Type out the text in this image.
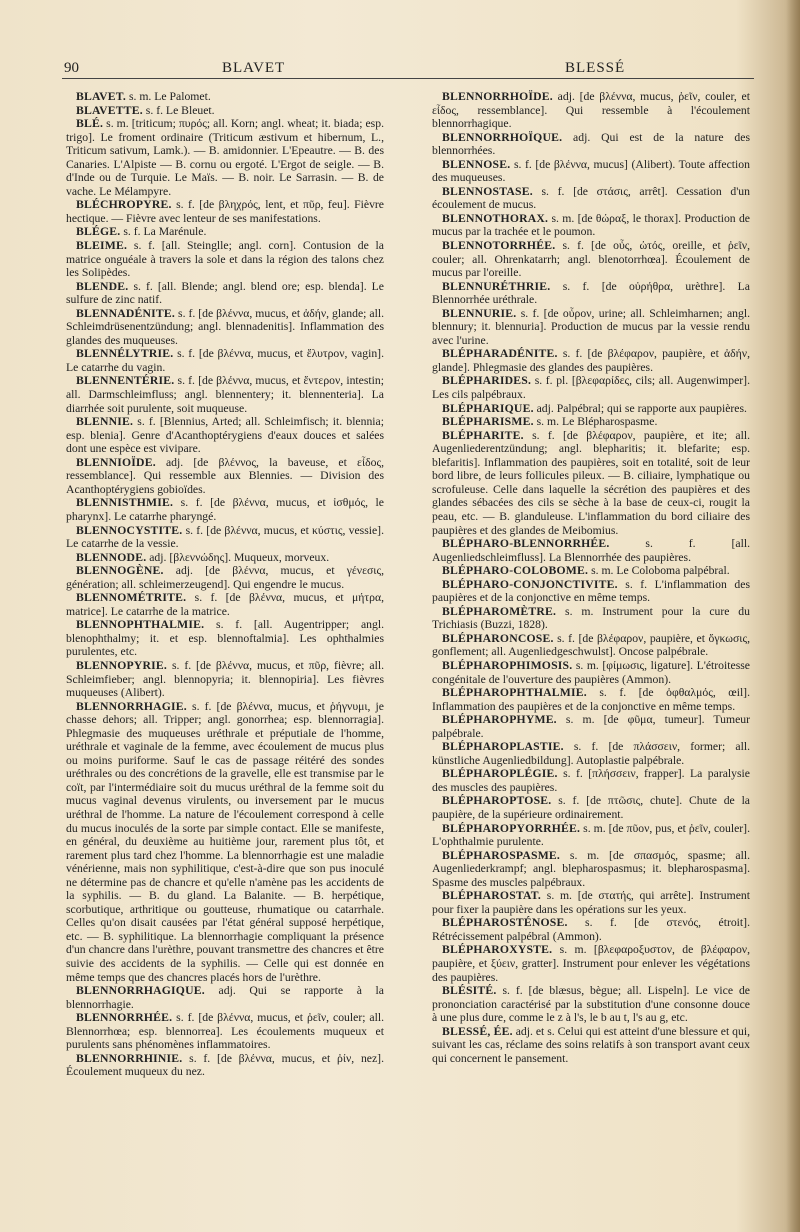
90	BLAVET	BLESSÉ

BLAVET. s. m. Le Palomet.

BLAVETTE. s. f. Le Bleuet.

BLÉ. s. m. [triticum; πυρός; all. Korn; angl. wheat; it. biada; esp. trigo]. Le froment ordinaire (Triticum æstivum et hibernum, L., Triticum sativum, Lamk.). — B. amidonnier. L'Epeautre. — B. des Canaries. L'Alpiste — B. cornu ou ergoté. L'Ergot de seigle. — B. d'Inde ou de Turquie. Le Maïs. — B. noir. Le Sarrasin. — B. de vache. Le Mélampyre.

BLÉCHROPYRE. s. f. [de βληχρός, lent, et πῦρ, feu]. Fièvre hectique. — Fièvre avec lenteur de ses manifestations.

BLÉGE. s. f. La Marénule.

BLEIME. s. f. [all. Steinglle; angl. corn]. Contusion de la matrice onguéale à travers la sole et dans la région des talons chez les Solipèdes.

BLENDE. s. f. [all. Blende; angl. blend ore; esp. blenda]. Le sulfure de zinc natif.

BLENNADÉNITE. s. f. [de βλέννα, mucus, et ἀδήν, glande; all. Schleimdrüsenentzündung; angl. blennadenitis]. Inflammation des glandes des muqueuses.

BLENNÉLYTRIE. s. f. [de βλέννα, mucus, et ἔλυτρον, vagin]. Le catarrhe du vagin.

BLENNENTÉRIE. s. f. [de βλέννα, mucus, et ἔντερον, intestin; all. Darmschleimfluss; angl. blennentery; it. blennenteria]. La diarrhée soit purulente, soit muqueuse.

BLENNIE. s. f. [Blennius, Arted; all. Schleimfisch; it. blennia; esp. blenia]. Genre d'Acanthoptérygiens d'eaux douces et salées dont une espèce est vivipare.

BLENNIOÏDE. adj. [de βλέννος, la baveuse, et εἶδος, ressemblance]. Qui ressemble aux Blennies. — Division des Acanthoptérygiens gobioïdes.

BLENNISTHMIE. s. f. [de βλέννα, mucus, et ἰσθμός, le pharynx]. Le catarrhe pharyngé.

BLENNOCYSTITE. s. f. [de βλέννα, mucus, et κύστις, vessie]. Le catarrhe de la vessie.

BLENNODE. adj. [βλεννώδης]. Muqueux, morveux.

BLENNOGÈNE. adj. [de βλέννα, mucus, et γένεσις, génération; all. schleimerzeugend]. Qui engendre le mucus.

BLENNOMÉTRITE. s. f. [de βλέννα, mucus, et μήτρα, matrice]. Le catarrhe de la matrice.

BLENNOPHTHALMIE. s. f. [all. Augentripper; angl. blenophthalmy; it. et esp. blennoftalmia]. Les ophthalmies purulentes, etc.

BLENNOPYRIE. s. f. [de βλέννα, mucus, et πῦρ, fièvre; all. Schleimfieber; angl. blennopyria; it. blennopiria]. Les fièvres muqueuses (Alibert).

BLENNORRHAGIE. s. f. [de βλέννα, mucus, et ῥήγνυμι, je chasse dehors; all. Tripper; angl. gonorrhea; esp. blennorragia]. Phlegmasie des muqueuses uréthrale et préputiale de l'homme, uréthrale et vaginale de la femme, avec écoulement de mucus plus ou moins puriforme. Sauf le cas de passage réitéré des sondes uréthrales ou des concrétions de la gravelle, elle est transmise par le coït, par l'intermédiaire soit du mucus uréthral de la femme soit du mucus vaginal devenus virulents, ou inversement par le mucus uréthral de l'homme. La nature de l'écoulement correspond à celle du mucus inoculés de la sorte par simple contact. Elle se manifeste, en général, du deuxième au huitième jour, rarement plus tôt, et rarement plus tard chez l'homme. La blennorrhagie est une maladie vénérienne, mais non syphilitique, c'est-à-dire que son pus inoculé ne détermine pas de chancre et qu'elle n'amène pas les accidents de la syphilis. — B. du gland. La Balanite. — B. herpétique, scorbutique, arthritique ou goutteuse, rhumatique ou catarrhale. Celles qu'on disait causées par l'état général supposé herpétique, etc. — B. syphilitique. La blennorrhagie compliquant la présence d'un chancre dans l'urèthre, pouvant transmettre des chancres et être suivie des accidents de la syphilis. — Celle qui est donnée en même temps que des chancres placés hors de l'urèthre.

BLENNORRHAGIQUE. adj. Qui se rapporte à la blennorrhagie.

BLENNORRHÉE. s. f. [de βλέννα, mucus, et ῥεῖν, couler; all. Blennorrhœa; esp. blennorrea]. Les écoulements muqueux et purulents sans phénomènes inflammatoires.

BLENNORRHINIE. s. f. [de βλέννα, mucus, et ῥίν, nez]. Écoulement muqueux du nez.

BLENNORRHOÏDE. adj. [de βλέννα, mucus, ῥεῖν, couler, et εἶδος, ressemblance]. Qui ressemble à l'écoulement blennorrhagique.

BLENNORRHOÏQUE. adj. Qui est de la nature des blennorrhées.

BLENNOSE. s. f. [de βλέννα, mucus] (Alibert). Toute affection des muqueuses.

BLENNOSTASE. s. f. [de στάσις, arrêt]. Cessation d'un écoulement de mucus.

BLENNOTHORAX. s. m. [de θώραξ, le thorax]. Production de mucus par la trachée et le poumon.

BLENNOTORRHÉE. s. f. [de οὖς, ὠτός, oreille, et ῥεῖν, couler; all. Ohrenkatarrh; angl. blenotorrhœa]. Écoulement de mucus par l'oreille.

BLENNURÉTHRIE. s. f. [de οὐρήθρα, urèthre]. La Blennorrhée uréthrale.

BLENNURIE. s. f. [de οὖρον, urine; all. Schleimharnen; angl. blennury; it. blennuria]. Production de mucus par la vessie rendu avec l'urine.

BLÉPHARADÉNITE. s. f. [de βλέφαρον, paupière, et ἀδήν, glande]. Phlegmasie des glandes des paupières.

BLÉPHARIDES. s. f. pl. [βλεφαρίδες, cils; all. Augenwimper]. Les cils palpébraux.

BLÉPHARIQUE. adj. Palpébral; qui se rapporte aux paupières.

BLÉPHARISME. s. m. Le Blépharospasme.

BLÉPHARITE. s. f. [de βλέφαρον, paupière, et ite; all. Augenliederentzündung; angl. blepharitis; it. blefarite; esp. blefaritis]. Inflammation des paupières, soit en totalité, soit de leur bord libre, de leurs follicules pileux. — B. ciliaire, lymphatique ou scrofuleuse. Celle dans laquelle la sécrétion des paupières et des glandes sébacées des cils se sèche à la base de ceux-ci, rougit la peau, etc. — B. glanduleuse. L'inflammation du bord ciliaire des paupières et des glandes de Meibomius.

BLÉPHARO-BLENNORRHÉE. s. f. [all. Augenliedschleimfluss]. La Blennorrhée des paupières.

BLÉPHARO-COLOBOME. s. m. Le Coloboma palpébral.

BLÉPHARO-CONJONCTIVITE. s. f. L'inflammation des paupières et de la conjonctive en même temps.

BLÉPHAROMÈTRE. s. m. Instrument pour la cure du Trichiasis (Buzzi, 1828).

BLÉPHARONCOSE. s. f. [de βλέφαρον, paupière, et ὄγκωσις, gonflement; all. Augenliedgeschwulst]. Oncose palpébrale.

BLÉPHAROPHIMOSIS. s. m. [φίμωσις, ligature]. L'étroitesse congénitale de l'ouverture des paupières (Ammon).

BLÉPHAROPHTHALMIE. s. f. [de ὀφθαλμός, œil]. Inflammation des paupières et de la conjonctive en même temps.

BLÉPHAROPHYME. s. m. [de φῦμα, tumeur]. Tumeur palpébrale.

BLÉPHAROPLASTIE. s. f. [de πλάσσειν, former; all. künstliche Augenliedbildung]. Autoplastie palpébrale.

BLÉPHAROPLÉGIE. s. f. [πλήσσειν, frapper]. La paralysie des muscles des paupières.

BLÉPHAROPTOSE. s. f. [de πτῶσις, chute]. Chute de la paupière, de la supérieure ordinairement.

BLÉPHAROPYORRHÉE. s. m. [de πῦον, pus, et ῥεῖν, couler]. L'ophthalmie purulente.

BLÉPHAROSPASME. s. m. [de σπασμός, spasme; all. Augenliederkrampf; angl. blepharospasmus; it. blepharospasma]. Spasme des muscles palpébraux.

BLÉPHAROSTAT. s. m. [de στατής, qui arrête]. Instrument pour fixer la paupière dans les opérations sur les yeux.

BLÉPHAROSTÉNOSE. s. f. [de στενός, étroit]. Rétrécissement palpébral (Ammon).

BLÉPHAROXYSTE. s. m. [βλεφαροξυστον, de βλέφαρον, paupière, et ξύειν, gratter]. Instrument pour enlever les végétations des paupières.

BLÉSITÉ. s. f. [de blæsus, bègue; all. Lispeln]. Le vice de prononciation caractérisé par la substitution d'une consonne douce à une plus dure, comme le z à l's, le b au t, l's au g, etc.

BLESSÉ, ÉE. adj. et s. Celui qui est atteint d'une blessure et qui, suivant les cas, réclame des soins relatifs à son transport avant ceux qui concernent le pansement.
